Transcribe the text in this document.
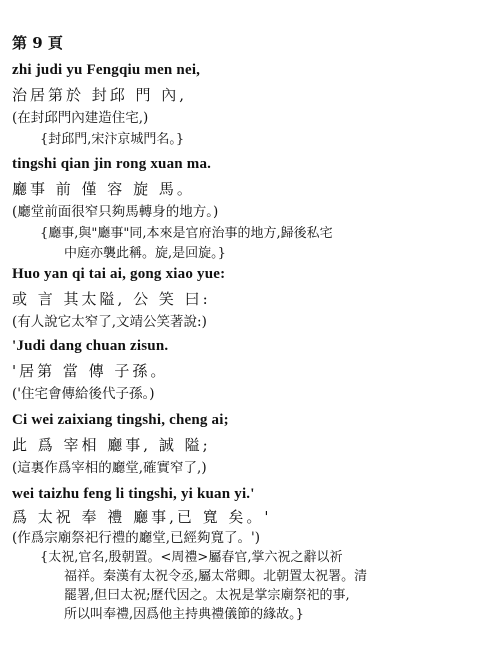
第 9 頁
zhi judi yu Fengqiu men nei,
治居第於 封邱 門 內,
(在封邱門內建造住宅,)
{封邱門,宋汴京城門名。}
tingshi qian jin rong xuan ma.
廳事 前 僅 容 旋 馬。
(廳堂前面很窄只夠馬轉身的地方。)
{廳事,與"廳事"同,本來是官府治事的地方,歸後私宅
中庭亦襲此稱。旋,是回旋。}
Huo yan qi tai ai, gong xiao yue:
或 言 其太隘, 公 笑 曰:
(有人說它太窄了,文靖公笑著說:)
'Judi dang chuan zisun.
'居第 當 傳 子孫。
('住宅會傳給後代子孫。)
Ci wei zaixiang tingshi, cheng ai;
此 爲 宰相 廳事, 誠 隘;
(這裏作爲宰相的廳堂,確實窄了,)
wei taizhu feng li tingshi, yi kuan yi.'
爲 太祝 奉 禮 廳事,已 寬 矣。'
(作爲宗廟祭祀行禮的廳堂,已經夠寬了。')
{太祝,官名,殷朝置。<周禮>屬春官,掌六祝之辭以祈
福祥。秦漢有太祝令丞,屬太常卿。北朝置太祝署。清
罷署,但曰太祝;歷代因之。太祝是掌宗廟祭祀的事,
所以叫奉禮,因爲他主持典禮儀節的緣故。}
